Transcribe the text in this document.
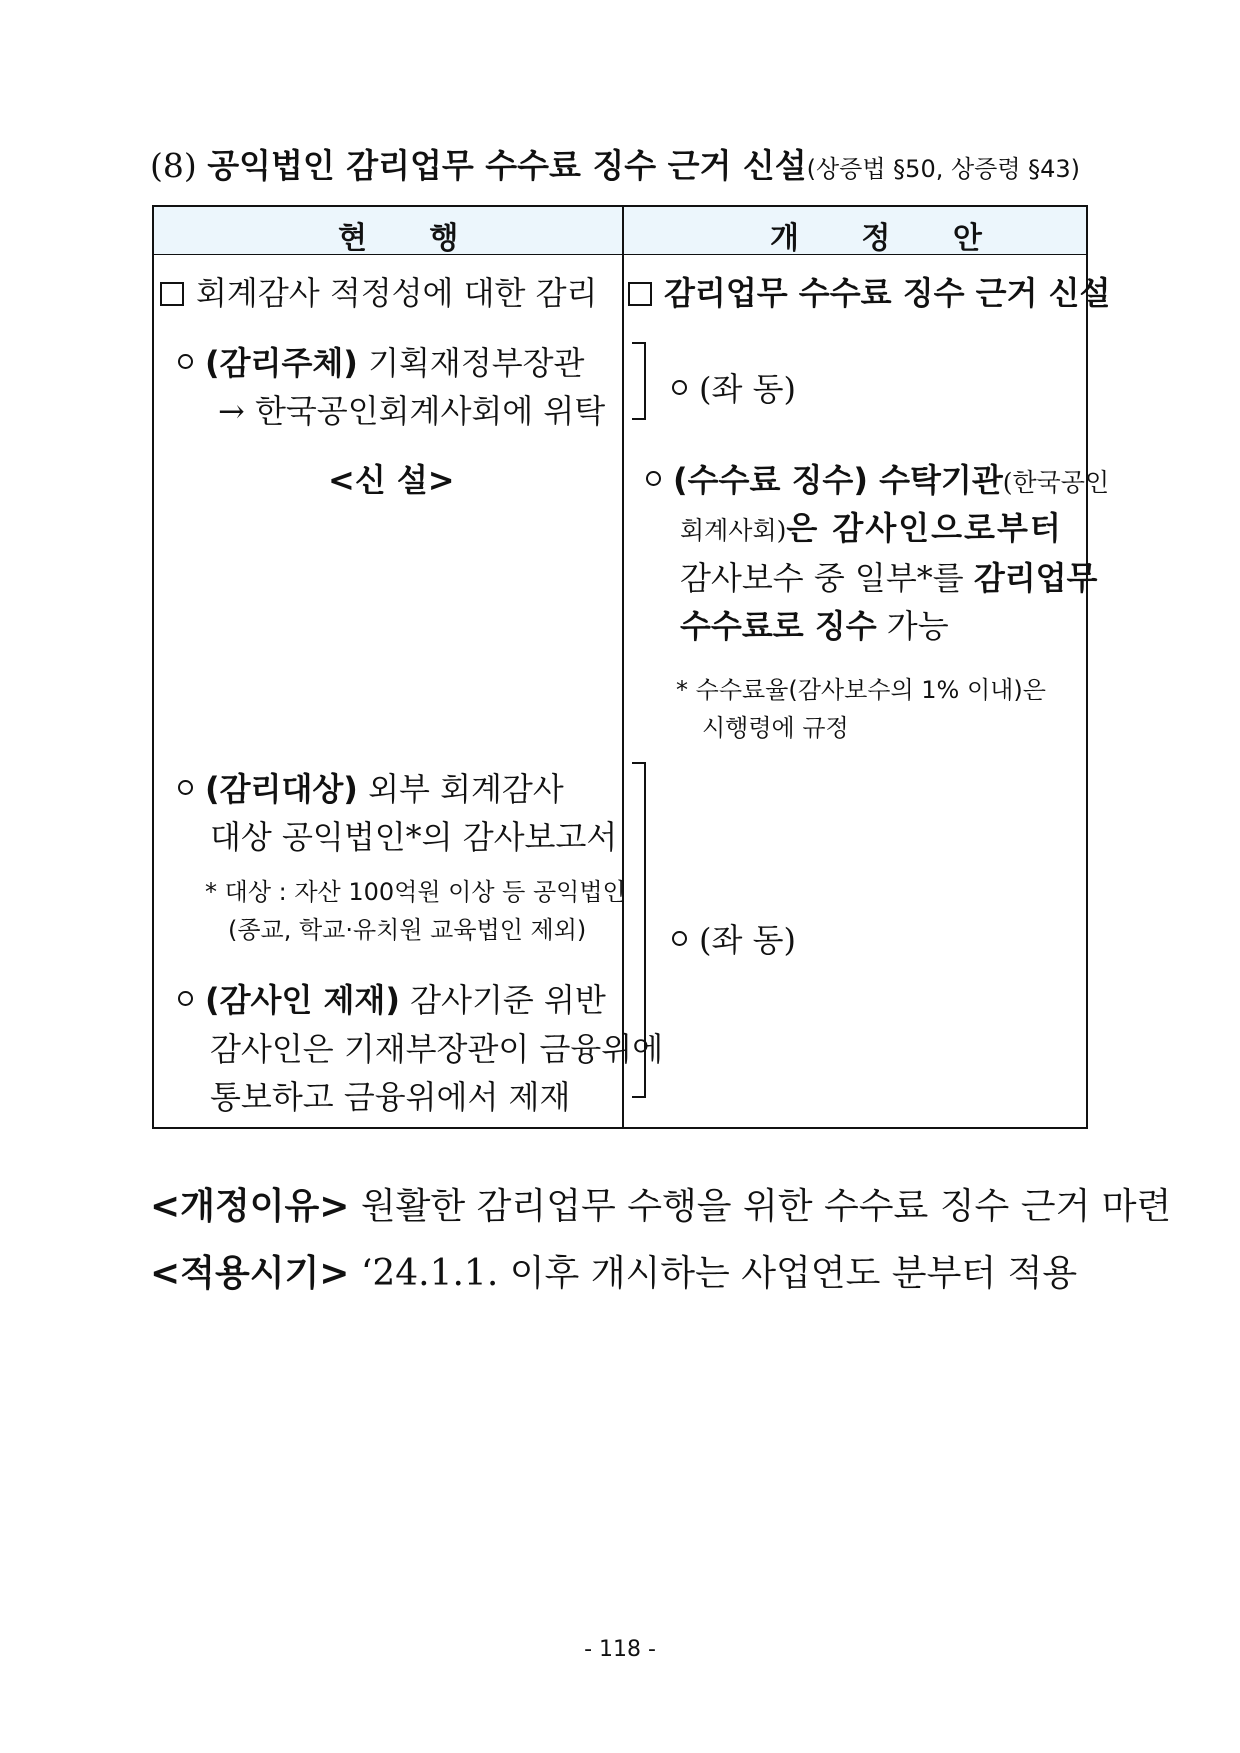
(8) 공익법인 감리업무 수수료 징수 근거 신설(상증법 §50, 상증령 §43)
현 행	개 정 안
회계감사 적정성에 대한 감리
(감리주체) 기획재정부장관
→ 한국공인회계사회에 위탁
<신 설>
(감리대상) 외부 회계감사
대상 공익법인*의 감사보고서
* 대상 : 자산 100억원 이상 등 공익법인
(종교, 학교·유치원 교육법인 제외)
(감사인 제재) 감사기준 위반
감사인은 기재부장관이 금융위에
통보하고 금융위에서 제재
감리업무 수수료 징수 근거 신설
(좌 동)
(수수료 징수) 수탁기관(한국공인
회계사회)은 감사인으로부터
감사보수 중 일부*를 감리업무
수수료로 징수 가능
* 수수료율(감사보수의 1% 이내)은
시행령에 규정
(좌 동)
<개정이유> 원활한 감리업무 수행을 위한 수수료 징수 근거 마련
<적용시기> ‘24.1.1. 이후 개시하는 사업연도 분부터 적용
- 118 -
